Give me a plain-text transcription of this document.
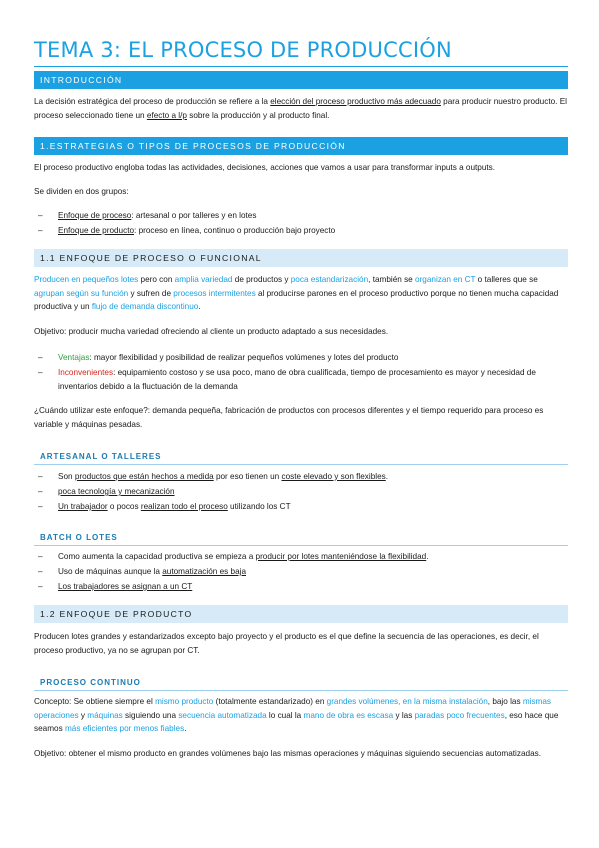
TEMA 3: EL PROCESO DE PRODUCCIÓN
INTRODUCCIÓN
La decisión estratégica del proceso de producción se refiere a la elección del proceso productivo más adecuado para producir nuestro producto. El proceso seleccionado tiene un efecto a l/p sobre la producción y al producto final.
1.ESTRATEGIAS O TIPOS DE PROCESOS DE PRODUCCIÓN
El proceso productivo engloba todas las actividades, decisiones, acciones que vamos a usar para transformar inputs a outputs.
Se dividen en dos grupos:
– Enfoque de proceso: artesanal o por talleres y en lotes
– Enfoque de producto: proceso en línea, continuo o producción bajo proyecto
1.1 ENFOQUE DE PROCESO O FUNCIONAL
Producen en pequeños lotes pero con amplia variedad de productos y poca estandarización, también se organizan en CT o talleres que se agrupan según su función y sufren de procesos intermitentes al producirse parones en el proceso productivo porque no tienen mucha capacidad productiva y un flujo de demanda discontinuo.
Objetivo: producir mucha variedad ofreciendo al cliente un producto adaptado a sus necesidades.
– Ventajas: mayor flexibilidad y posibilidad de realizar pequeños volúmenes y lotes del producto
– Inconvenientes: equipamiento costoso y se usa poco, mano de obra cualificada, tiempo de procesamiento es mayor y necesidad de inventarios debido a la fluctuación de la demanda
¿Cuándo utilizar este enfoque?: demanda pequeña, fabricación de productos con procesos diferentes y el tiempo requerido para proceso es variable y máquinas pesadas.
ARTESANAL O TALLERES
– Son productos que están hechos a medida por eso tienen un coste elevado y son flexibles.
– poca tecnología y mecanización
– Un trabajador o pocos realizan todo el proceso utilizando los CT
BATCH O LOTES
– Como aumenta la capacidad productiva se empieza a producir por lotes manteniéndose la flexibilidad.
– Uso de máquinas aunque la automatización es baja
– Los trabajadores se asignan a un CT
1.2 ENFOQUE DE PRODUCTO
Producen lotes grandes y estandarizados excepto bajo proyecto y el producto es el que define la secuencia de las operaciones, es decir, el proceso productivo, ya no se agrupan por CT.
PROCESO CONTINUO
Concepto: Se obtiene siempre el mismo producto (totalmente estandarizado) en grandes volúmenes, en la misma instalación, bajo las mismas operaciones y máquinas siguiendo una secuencia automatizada lo cual la mano de obra es escasa y las paradas poco frecuentes, eso hace que seamos más eficientes por menos fiables.
Objetivo: obtener el mismo producto en grandes volúmenes bajo las mismas operaciones y máquinas siguiendo secuencias automatizadas.
